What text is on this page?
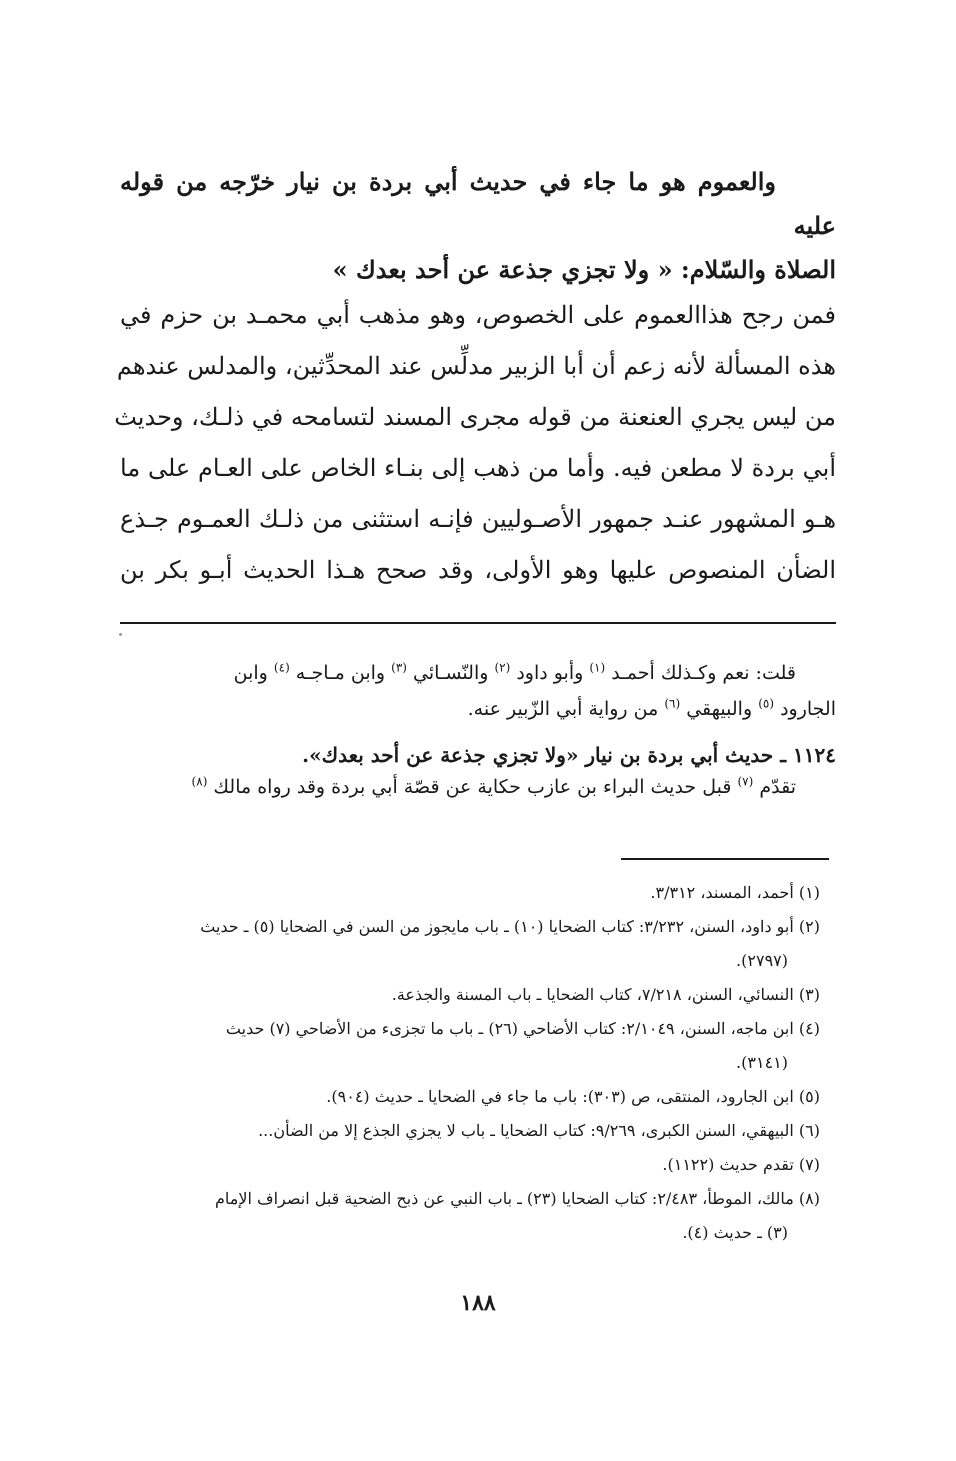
والعموم هو ما جاء في حديث أبي بردة بن نيار خرّجه من قوله عليه
الصلاة والسّلام: « ولا تجزي جذعة عن أحد بعدك »
فمن رجح هذاالعموم على الخصوص، وهو مذهب أبي محمـد بن حزم في
هذه المسألة لأنه زعم أن أبا الزبير مدلِّس عند المحدِّثين، والمدلس عندهم
من ليس يجري العنعنة من قوله مجرى المسند لتسامحه في ذلـك، وحديث
أبي بردة لا مطعن فيه. وأما من ذهب إلى بنـاء الخاص على العـام على ما
هـو المشهور عنـد جمهور الأصـوليين فإنـه استثنى من ذلـك العمـوم جـذع
الضأن المنصوص عليها وهو الأولى، وقد صحح هـذا الحديث أبـو بكر بن
قلت: نعم وكـذلك أحمـد $^{(١)}$ وأبو داود $^{(٢)}$ والنّسـائي $^{(٣)}$ وابن مـاجـه $^{(٤)}$ وابن
الجارود $^{(٥)}$ والبيهقي $^{(٦)}$ من رواية أبي الزّبير عنه.
١١٢٤ ـ حديث أبي بردة بن نيار «ولا تجزي جذعة عن أحد بعدك».
تقدّم $^{(٧)}$ قبل حديث البراء بن عازب حكاية عن قصّة أبي بردة وقد رواه مالك $^{(٨)}$
(١) أحمد، المسند، ٣/٣١٢.
(٢) أبو داود، السنن، ٣/٢٣٢: كتاب الضحايا (١٠) ـ باب مايجوز من السن في الضحايا (٥) ـ حديث
(٢٧٩٧).
(٣) النسائي، السنن، ٧/٢١٨، كتاب الضحايا ـ باب المسنة والجذعة.
(٤) ابن ماجه، السنن، ٢/١٠٤٩: كتاب الأضاحي (٢٦) ـ باب ما تجزىء من الأضاحي (٧) حديث
(٣١٤١).
(٥) ابن الجارود، المنتقى، ص (٣٠٣): باب ما جاء في الضحايا ـ حديث (٩٠٤).
(٦) البيهقي، السنن الكبرى، ٩/٢٦٩: كتاب الضحايا ـ باب لا يجزي الجذع إلا من الضأن...
(٧) تقدم حديث (١١٢٢).
(٨) مالك، الموطأ، ٢/٤٨٣: كتاب الضحايا (٢٣) ـ باب النبي عن ذبح الضحية قبل انصراف الإمام
(٣) ـ حديث (٤).
١٨٨
